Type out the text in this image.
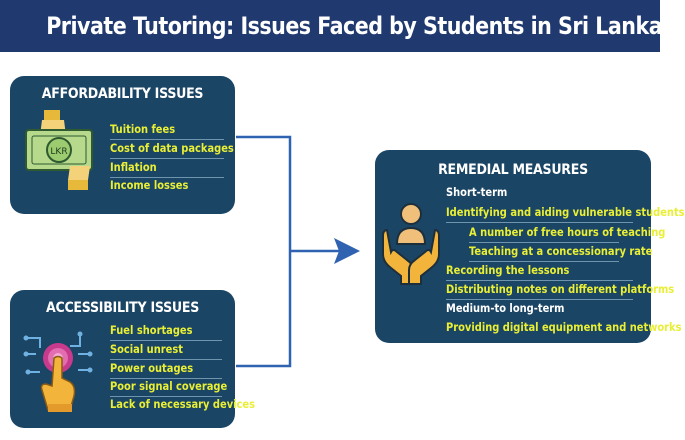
Private Tutoring: Issues Faced by Students in Sri Lanka
AFFORDABILITY ISSUES
LKR
Tuition fees
Cost of data packages
Inflation
Income losses
ACCESSIBILITY ISSUES
Fuel shortages
Social unrest
Power outages
Poor signal coverage
Lack of necessary devices
REMEDIAL MEASURES
Short-term
Identifying and aiding vulnerable students
A number of free hours of teaching
Teaching at a concessionary rate
Recording the lessons
Distributing notes on different platforms
Medium-to long-term
Providing digital equipment and networks
